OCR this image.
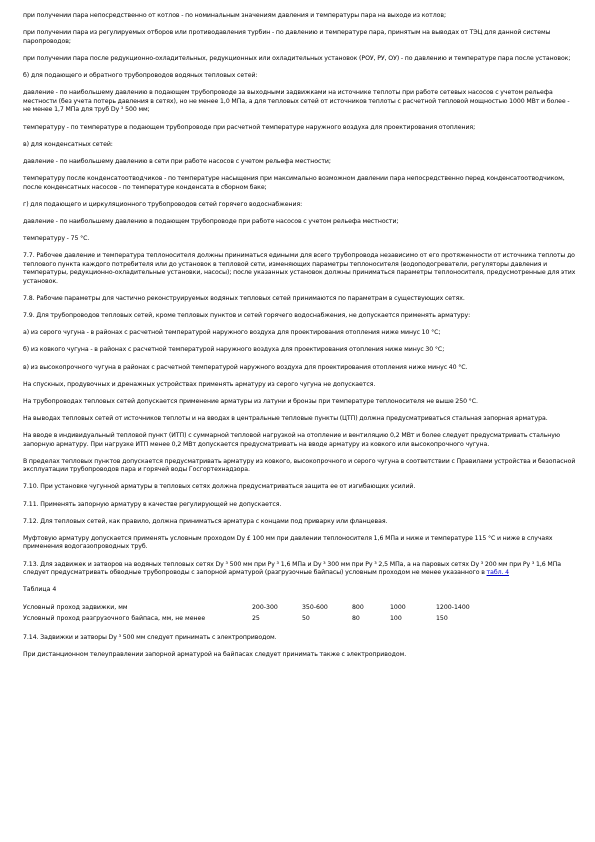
при получении пара непосредственно от котлов - по номинальным значениям давления и температуры пара на выходе из котлов;

при получении пара из регулируемых отборов или противодавления турбин - по давлению и температуре пара, принятым на выводах от ТЭЦ для данной системы паропроводов;

при получении пара после редукционно-охладительных, редукционных или охладительных установок (РОУ, РУ, ОУ) - по давлению и температуре пара после установок;

б) для подающего и обратного трубопроводов водяных тепловых сетей:

давление - по наибольшему давлению в подающем трубопроводе за выходными задвижками на источнике теплоты при работе сетевых насосов с учетом рельефа местности (без учета потерь давления в сетях), но не менее 1,0 МПа, а для тепловых сетей от источников теплоты с расчетной тепловой мощностью 1000 МВт и более - не менее 1,7 МПа для труб Dy ³ 500 мм;

температуру - по температуре в подающем трубопроводе при расчетной температуре наружного воздуха для проектирования отопления;

в) для конденсатных сетей:

давление - по наибольшему давлению в сети при работе насосов с учетом рельефа местности;

температуру после конденсатоотводчиков - по температуре насыщения при максимально возможном давлении пара непосредственно перед конденсатоотводчиком, после конденсатных насосов - по температуре конденсата в сборном баке;

г) для подающего и циркуляционного трубопроводов сетей горячего водоснабжения:

давление - по наибольшему давлению в подающем трубопроводе при работе насосов с учетом рельефа местности;

температуру - 75 °С.

7.7. Рабочее давление и температура теплоносителя должны приниматься едиными для всего трубопровода независимо от его протяженности от источника теплоты до теплового пункта каждого потребителя или до установок в тепловой сети, изменяющих параметры теплоносителя (водоподогреватели, регуляторы давления и температуры, редукционно-охладительные установки, насосы); после указанных установок должны приниматься параметры теплоносителя, предусмотренные для этих установок.

7.8. Рабочие параметры для частично реконструируемых водяных тепловых сетей принимаются по параметрам в существующих сетях.

7.9. Для трубопроводов тепловых сетей, кроме тепловых пунктов и сетей горячего водоснабжения, не допускается применять арматуру:

а) из серого чугуна - в районах с расчетной температурой наружного воздуха для проектирования отопления ниже минус 10 °С;

б) из ковкого чугуна - в районах с расчетной температурой наружного воздуха для проектирования отопления ниже минус 30 °С;

в) из высокопрочного чугуна в районах с расчетной температурой наружного воздуха для проектирования отопления ниже минус 40 °С.

На спускных, продувочных и дренажных устройствах применять арматуру из серого чугуна не допускается.

На трубопроводах тепловых сетей допускается применение арматуры из латуни и бронзы при температуре теплоносителя не выше 250 °С.

На выводах тепловых сетей от источников теплоты и на вводах в центральные тепловые пункты (ЦТП) должна предусматриваться стальная запорная арматура.

На вводе в индивидуальный тепловой пункт (ИТП) с суммарной тепловой нагрузкой на отопление и вентиляцию 0,2 МВт и более следует предусматривать стальную запорную арматуру. При нагрузке ИТП менее 0,2 МВт допускается предусматривать на вводе арматуру из ковкого или высокопрочного чугуна.

В пределах тепловых пунктов допускается предусматривать арматуру из ковкого, высокопрочного и серого чугуна в соответствии с Правилами устройства и безопасной эксплуатации трубопроводов пара и горячей воды Госгортехнадзора.

7.10. При установке чугунной арматуры в тепловых сетях должна предусматриваться защита ее от изгибающих усилий.

7.11. Применять запорную арматуру в качестве регулирующей не допускается.

7.12. Для тепловых сетей, как правило, должна приниматься арматура с концами под приварку или фланцевая.

Муфтовую арматуру допускается применять условным проходом Dy £ 100 мм при давлении теплоносителя 1,6 МПа и ниже и температуре 115 °С и ниже в случаях применения водогазопроводных труб.

7.13. Для задвижек и затворов на водяных тепловых сетях Dy ³ 500 мм при Py ³ 1,6 МПа и Dy ³ 300 мм при Py ³ 2,5 МПа, а на паровых сетях Dy ³ 200 мм при Py ³ 1,6 МПа следует предусматривать обводные трубопроводы с запорной арматурой (разгрузочные байпасы) условным проходом не менее указанного в табл. 4

Таблица 4
Условный проход задвижки, мм	200-300	350-600	800	1000	1200-1400
Условный проход разгрузочного байпаса, мм, не менее	25	50	80	100	150

7.14. Задвижки и затворы Dy ³ 500 мм следует принимать с электроприводом.

При дистанционном телеуправлении запорной арматурой на байпасах следует принимать также с электроприводом.
